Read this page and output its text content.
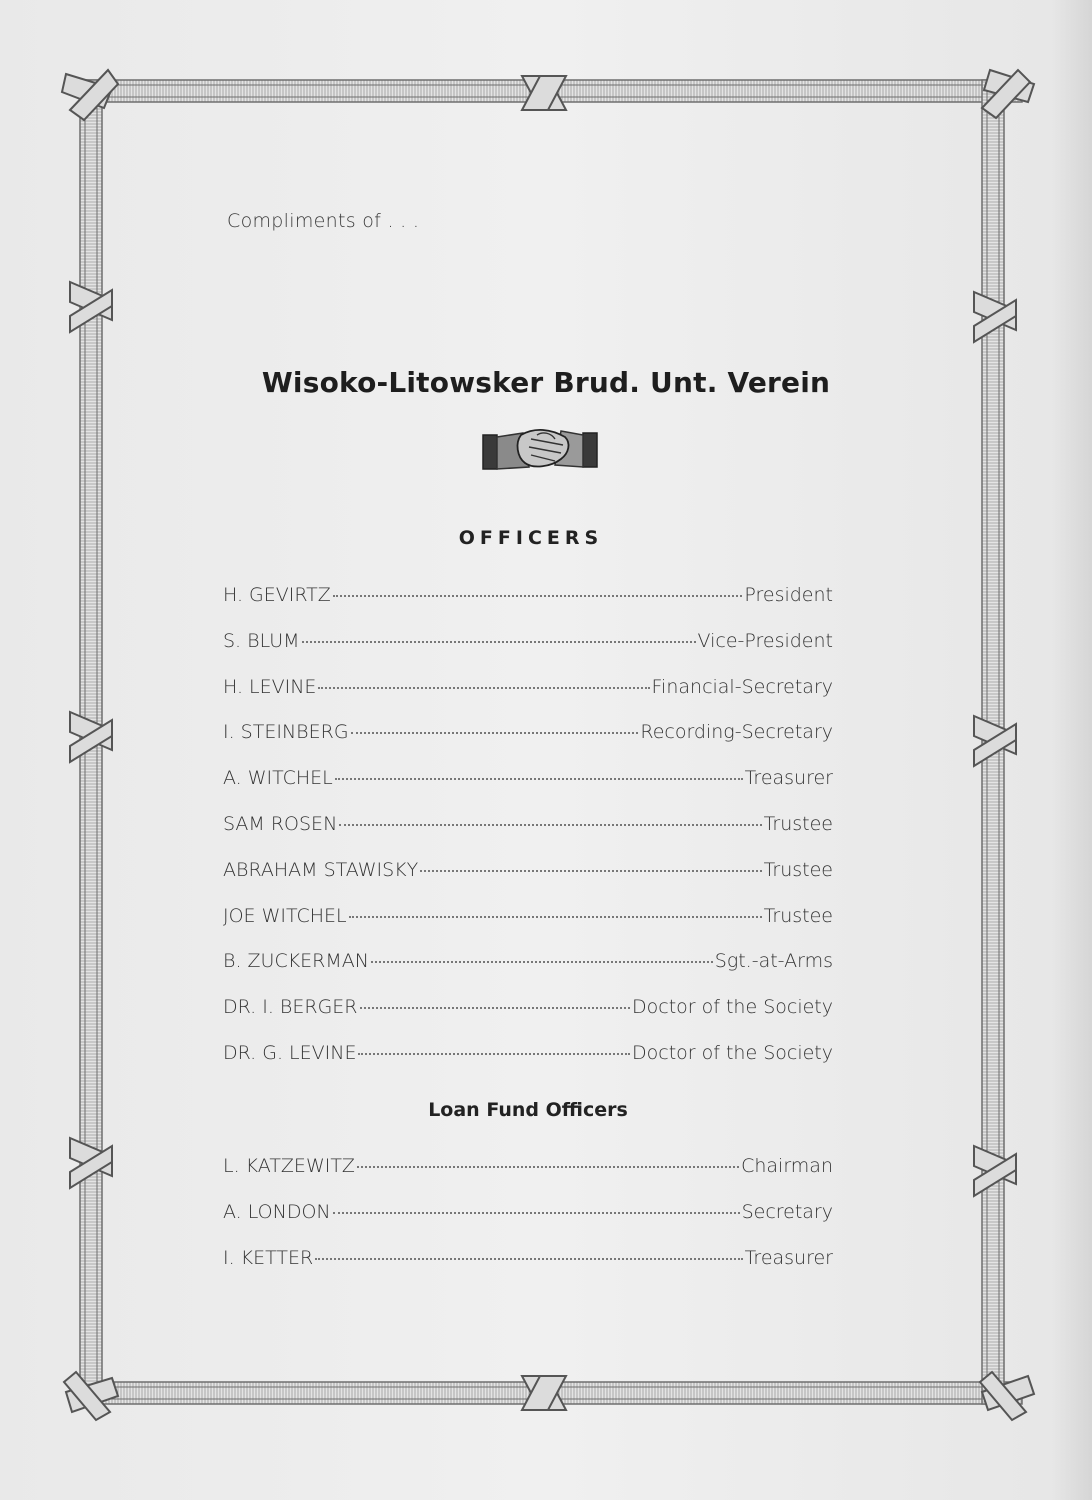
Compliments of . . .
Wisoko-Litowsker Brud. Unt. Verein
OFFICERS
H. GEVIRTZ	President
S. BLUM	Vice-President
H. LEVINE	Financial-Secretary
I. STEINBERG	Recording-Secretary
A. WITCHEL	Treasurer
SAM ROSEN	Trustee
ABRAHAM STAWISKY	Trustee
JOE WITCHEL	Trustee
B. ZUCKERMAN	Sgt.-at-Arms
DR. I. BERGER	Doctor of the Society
DR. G. LEVINE	Doctor of the Society
Loan Fund Officers
L. KATZEWITZ	Chairman
A. LONDON	Secretary
I. KETTER	Treasurer
